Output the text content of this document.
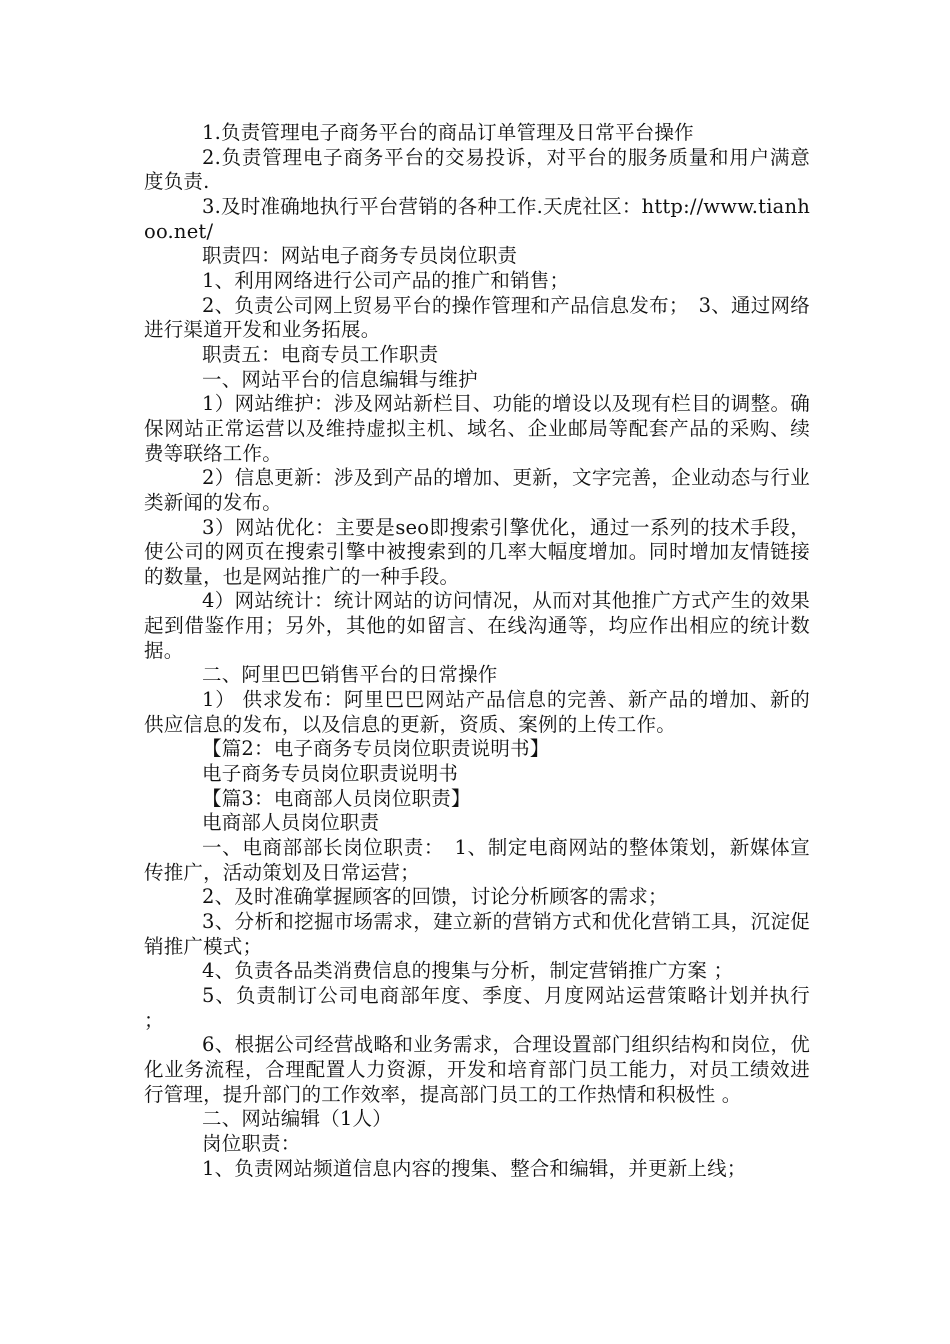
1.负责管理电子商务平台的商品订单管理及日常平台操作

2.负责管理电子商务平台的交易投诉，对平台的服务质量和用户满意度负责.

3.及时准确地执行平台营销的各种工作.天虎社区：http://www.tianhoo.net/

职责四：网站电子商务专员岗位职责

1、利用网络进行公司产品的推广和销售；

2、负责公司网上贸易平台的操作管理和产品信息发布；　3、通过网络进行渠道开发和业务拓展。

职责五：电商专员工作职责

一、网站平台的信息编辑与维护

1）网站维护：涉及网站新栏目、功能的增设以及现有栏目的调整。确保网站正常运营以及维持虚拟主机、域名、企业邮局等配套产品的采购、续费等联络工作。

2）信息更新：涉及到产品的增加、更新，文字完善，企业动态与行业类新闻的发布。

3）网站优化：主要是seo即搜索引擎优化，通过一系列的技术手段，使公司的网页在搜索引擎中被搜索到的几率大幅度增加。同时增加友情链接的数量，也是网站推广的一种手段。

4）网站统计：统计网站的访问情况，从而对其他推广方式产生的效果起到借鉴作用；另外，其他的如留言、在线沟通等，均应作出相应的统计数据。

二、阿里巴巴销售平台的日常操作

1） 供求发布：阿里巴巴网站产品信息的完善、新产品的增加、新的供应信息的发布，以及信息的更新，资质、案例的上传工作。

【篇2：电子商务专员岗位职责说明书】

电子商务专员岗位职责说明书

【篇3：电商部人员岗位职责】

电商部人员岗位职责

一、电商部部长岗位职责：　1、制定电商网站的整体策划，新媒体宣传推广，活动策划及日常运营；

2、及时准确掌握顾客的回馈，讨论分析顾客的需求；

3、分析和挖掘市场需求，建立新的营销方式和优化营销工具，沉淀促销推广模式；

4、负责各品类消费信息的搜集与分析，制定营销推广方案 ；

5、负责制订公司电商部年度、季度、月度网站运营策略计划并执行 ；

6、根据公司经营战略和业务需求，合理设置部门组织结构和岗位，优化业务流程，合理配置人力资源，开发和培育部门员工能力，对员工绩效进行管理，提升部门的工作效率，提高部门员工的工作热情和积极性 。

二、网站编辑（1人）

岗位职责：

1、负责网站频道信息内容的搜集、整合和编辑，并更新上线；
